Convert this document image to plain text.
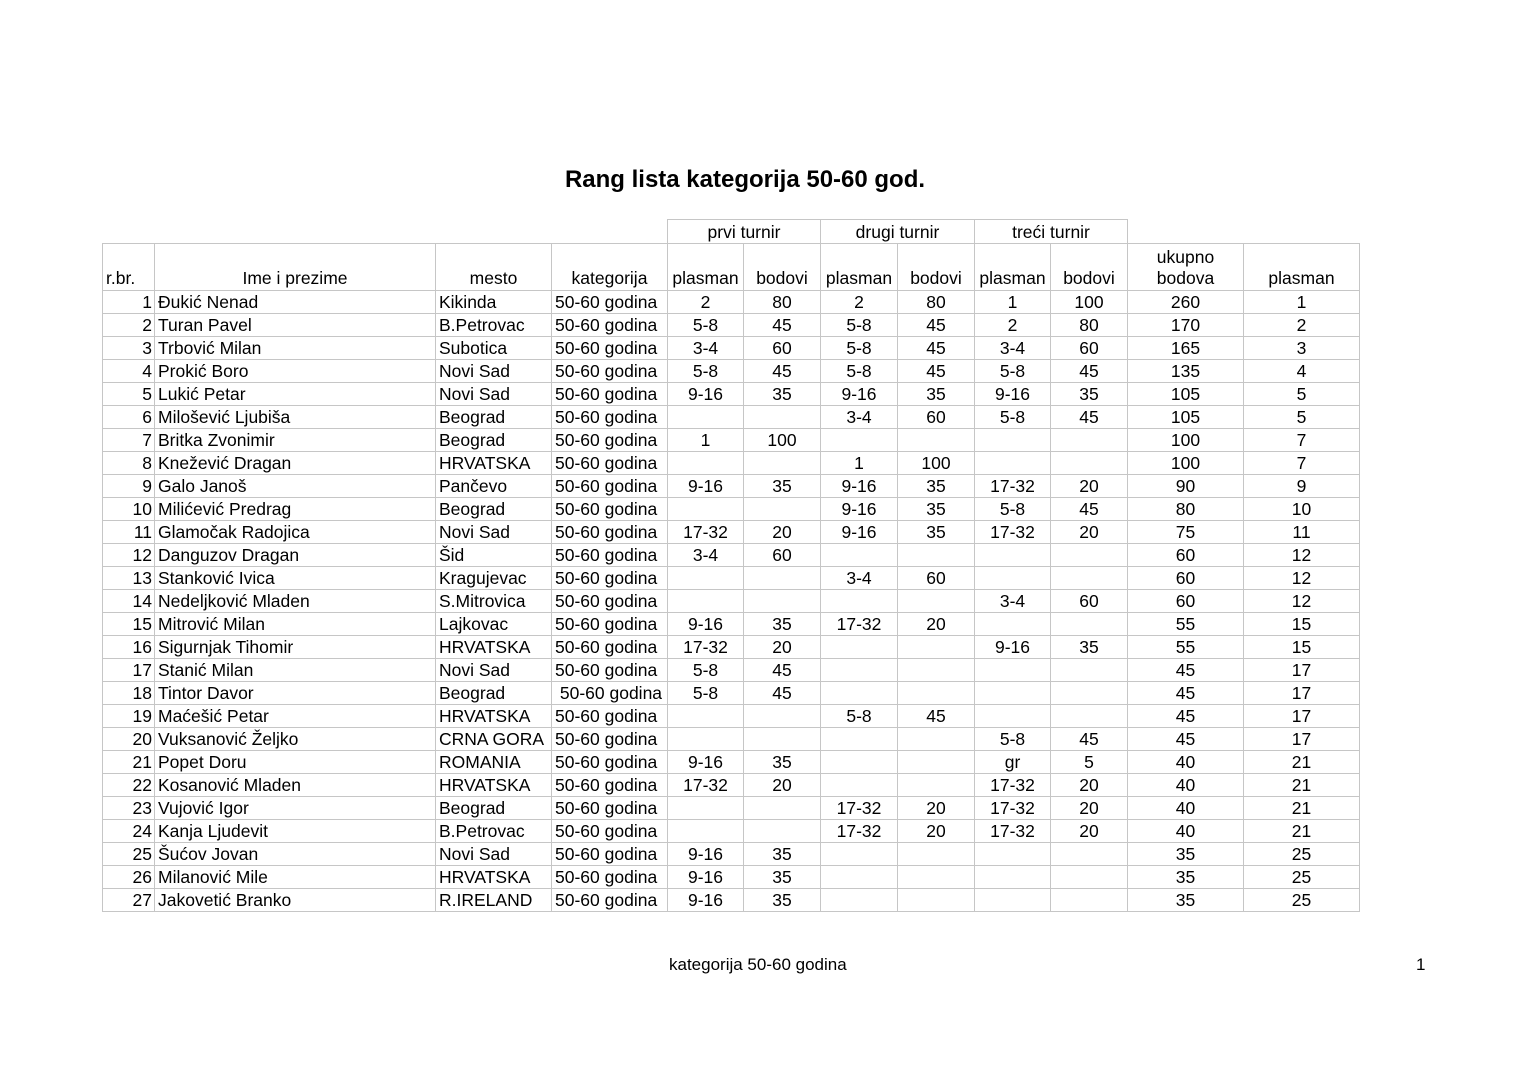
Rang lista kategorija 50-60 god.
				prvi turnir		drugi turnir		treći turnir			
r.br.	Ime i prezime	mesto	kategorija	plasman	bodovi	plasman	bodovi	plasman	bodovi	ukupno bodova	plasman
1	Đukić Nenad	Kikinda	50-60 godina	2	80	2	80	1	100	260	1
2	Turan Pavel	B.Petrovac	50-60 godina	5-8	45	5-8	45	2	80	170	2
3	Trbović Milan	Subotica	50-60 godina	3-4	60	5-8	45	3-4	60	165	3
4	Prokić Boro	Novi Sad	50-60 godina	5-8	45	5-8	45	5-8	45	135	4
5	Lukić Petar	Novi Sad	50-60 godina	9-16	35	9-16	35	9-16	35	105	5
6	Milošević Ljubiša	Beograd	50-60 godina			3-4	60	5-8	45	105	5
7	Britka Zvonimir	Beograd	50-60 godina	1	100					100	7
8	Knežević Dragan	HRVATSKA	50-60 godina			1	100			100	7
9	Galo Janoš	Pančevo	50-60 godina	9-16	35	9-16	35	17-32	20	90	9
10	Milićević Predrag	Beograd	50-60 godina			9-16	35	5-8	45	80	10
11	Glamočak Radojica	Novi Sad	50-60 godina	17-32	20	9-16	35	17-32	20	75	11
12	Danguzov Dragan	Šid	50-60 godina	3-4	60					60	12
13	Stanković Ivica	Kragujevac	50-60 godina			3-4	60			60	12
14	Nedeljković Mladen	S.Mitrovica	50-60 godina					3-4	60	60	12
15	Mitrović Milan	Lajkovac	50-60 godina	9-16	35	17-32	20			55	15
16	Sigurnjak Tihomir	HRVATSKA	50-60 godina	17-32	20			9-16	35	55	15
17	Stanić Milan	Novi Sad	50-60 godina	5-8	45					45	17
18	Tintor Davor	Beograd	50-60 godina	5-8	45					45	17
19	Maćešić Petar	HRVATSKA	50-60 godina			5-8	45			45	17
20	Vuksanović Željko	CRNA GORA	50-60 godina					5-8	45	45	17
21	Popet Doru	ROMANIA	50-60 godina	9-16	35			gr	5	40	21
22	Kosanović Mladen	HRVATSKA	50-60 godina	17-32	20			17-32	20	40	21
23	Vujović Igor	Beograd	50-60 godina			17-32	20	17-32	20	40	21
24	Kanja Ljudevit	B.Petrovac	50-60 godina			17-32	20	17-32	20	40	21
25	Šućov Jovan	Novi Sad	50-60 godina	9-16	35					35	25
26	Milanović Mile	HRVATSKA	50-60 godina	9-16	35					35	25
27	Jakovetić Branko	R.IRELAND	50-60 godina	9-16	35					35	25
kategorija 50-60 godina	1
